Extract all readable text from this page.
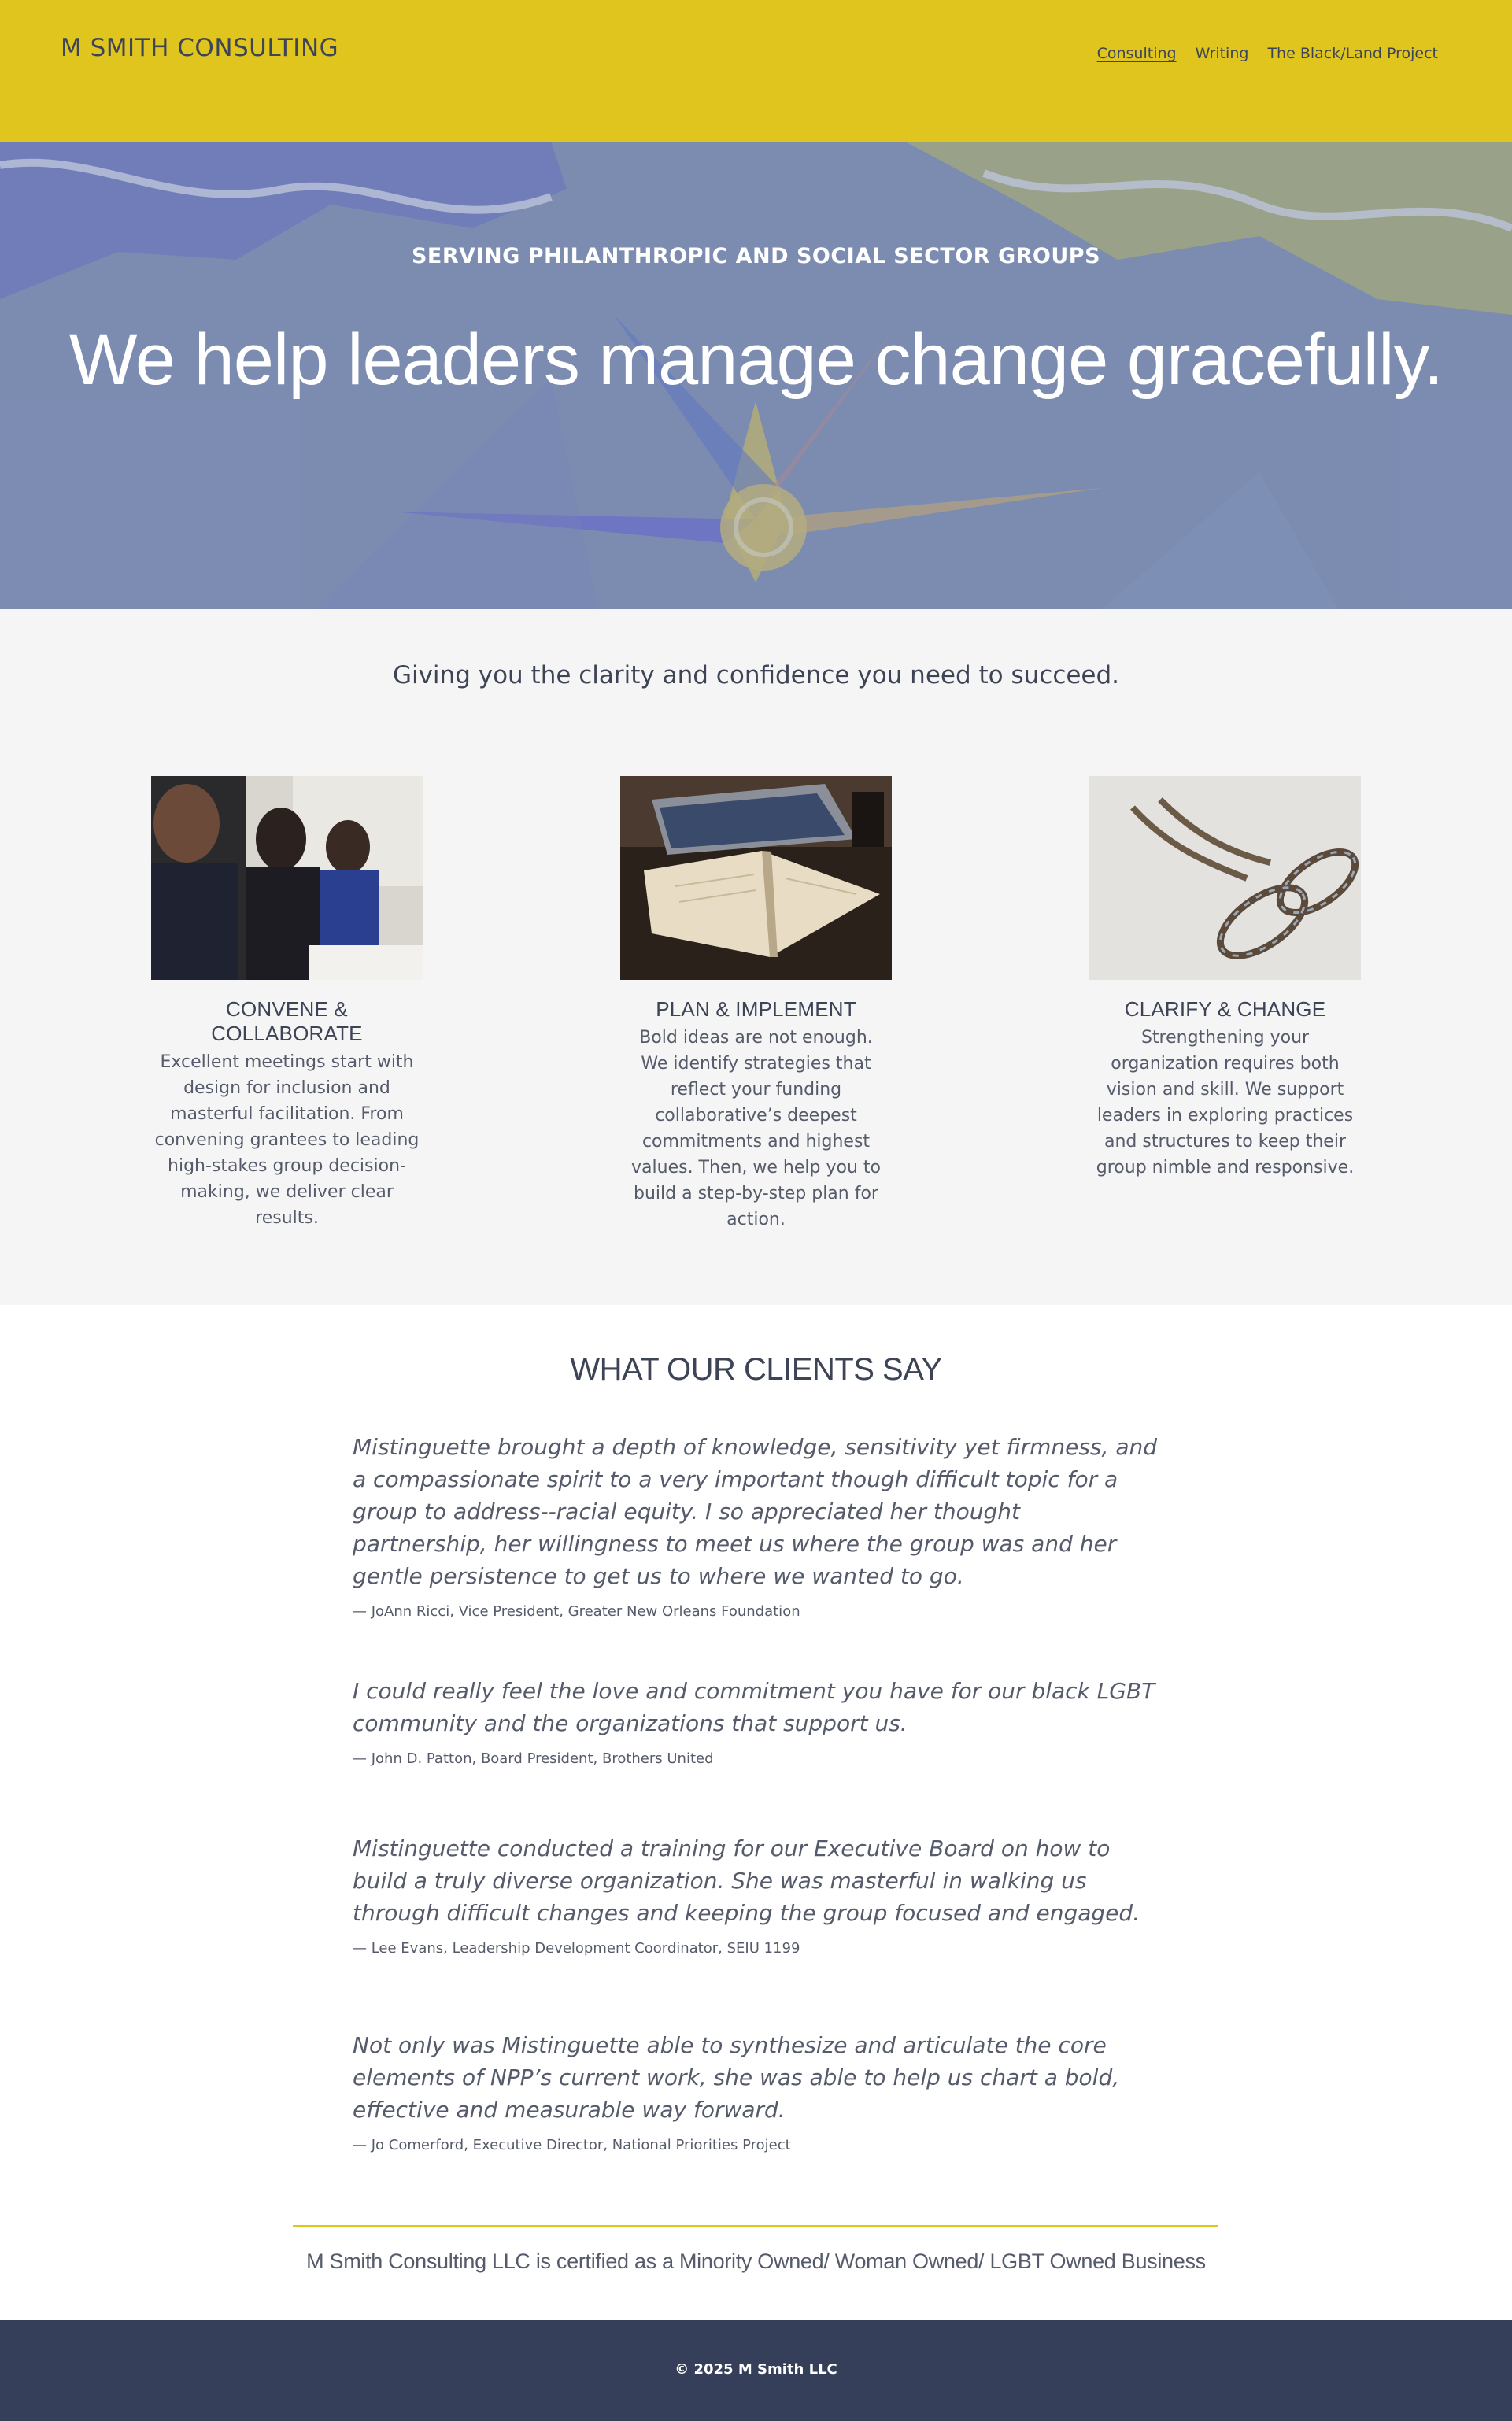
M SMITH CONSULTING	Consulting Writing The Black/Land Project
SERVING PHILANTHROPIC AND SOCIAL SECTOR GROUPS
We help leaders manage change gracefully.
Giving you the clarity and confidence you need to succeed.
CONVENE & COLLABORATE

Excellent meetings start with design for inclusion and masterful facilitation. From convening grantees to leading high-stakes group decision-making, we deliver clear results.

PLAN & IMPLEMENT

Bold ideas are not enough. We identify strategies that reflect your funding collaborative’s deepest commitments and highest values. Then, we help you to build a step-by-step plan for action.

CLARIFY & CHANGE

Strengthening your organization requires both vision and skill. We support leaders in exploring practices and structures to keep their group nimble and responsive.

WHAT OUR CLIENTS SAY
Mistinguette brought a depth of knowledge, sensitivity yet firmness, and a compassionate spirit to a very important though difficult topic for a group to address--racial equity. I so appreciated her thought partnership, her willingness to meet us where the group was and her gentle persistence to get us to where we wanted to go.
— JoAnn Ricci, Vice President, Greater New Orleans Foundation
I could really feel the love and commitment you have for our black LGBT community and the organizations that support us.
— John D. Patton, Board President, Brothers United
Mistinguette conducted a training for our Executive Board on how to build a truly diverse organization. She was masterful in walking us through difficult changes and keeping the group focused and engaged.
— Lee Evans, Leadership Development Coordinator, SEIU 1199
Not only was Mistinguette able to synthesize and articulate the core elements of NPP’s current work, she was able to help us chart a bold, effective and measurable way forward.
— Jo Comerford, Executive Director, National Priorities Project
M Smith Consulting LLC is certified as a Minority Owned/ Woman Owned/ LGBT Owned Business
© 2025 M Smith LLC
